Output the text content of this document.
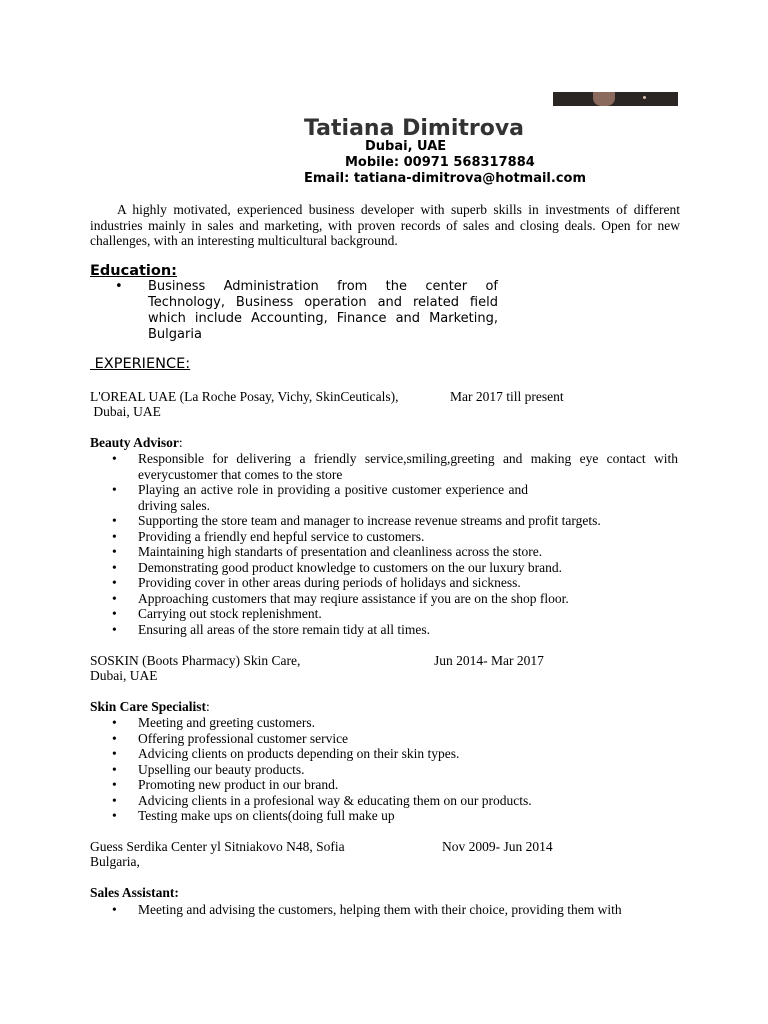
Tatiana Dimitrova
Dubai, UAE
Mobile: 00971 568317884
Email: tatiana-dimitrova@hotmail.com
A highly motivated, experienced business developer with superb skills in investments of different industries mainly in sales and marketing, with proven records of sales and closing deals. Open for new challenges, with an interesting multicultural background.
Education:
• Business Administration from the center of Technology, Business operation and related field which include Accounting, Finance and Marketing, Bulgaria
EXPERIENCE:
L'OREAL UAE (La Roche Posay, Vichy, SkinCeuticals),	Mar 2017 till present
Dubai, UAE
Beauty Advisor:
• Responsible for delivering a friendly service,smiling,greeting and making eye contact with everycustomer that comes to the store
• Playing an active role in providing a positive customer experience and driving sales.
• Supporting the store team and manager to increase revenue streams and profit targets.
• Providing a friendly end hepful service to customers.
• Maintaining high standarts of presentation and cleanliness across the store.
• Demonstrating good product knowledge to customers on the our luxury brand.
• Providing cover in other areas during periods of holidays and sickness.
• Approaching customers that may reqiure assistance if you are on the shop floor.
• Carrying out stock replenishment.
• Ensuring all areas of the store remain tidy at all times.
SOSKIN (Boots Pharmacy) Skin Care,	Jun 2014- Mar 2017
Dubai, UAE
Skin Care Specialist:
• Meeting and greeting customers.
• Offering professional customer service
• Advicing clients on products depending on their skin types.
• Upselling our beauty products.
• Promoting new product in our brand.
• Advicing clients in a profesional way & educating them on our products.
• Testing make ups on clients(doing full make up
Guess Serdika Center yl Sitniakovo N48, Sofia	Nov 2009- Jun 2014
Bulgaria,
Sales Assistant:
• Meeting and advising the customers, helping them with their choice, providing them with
